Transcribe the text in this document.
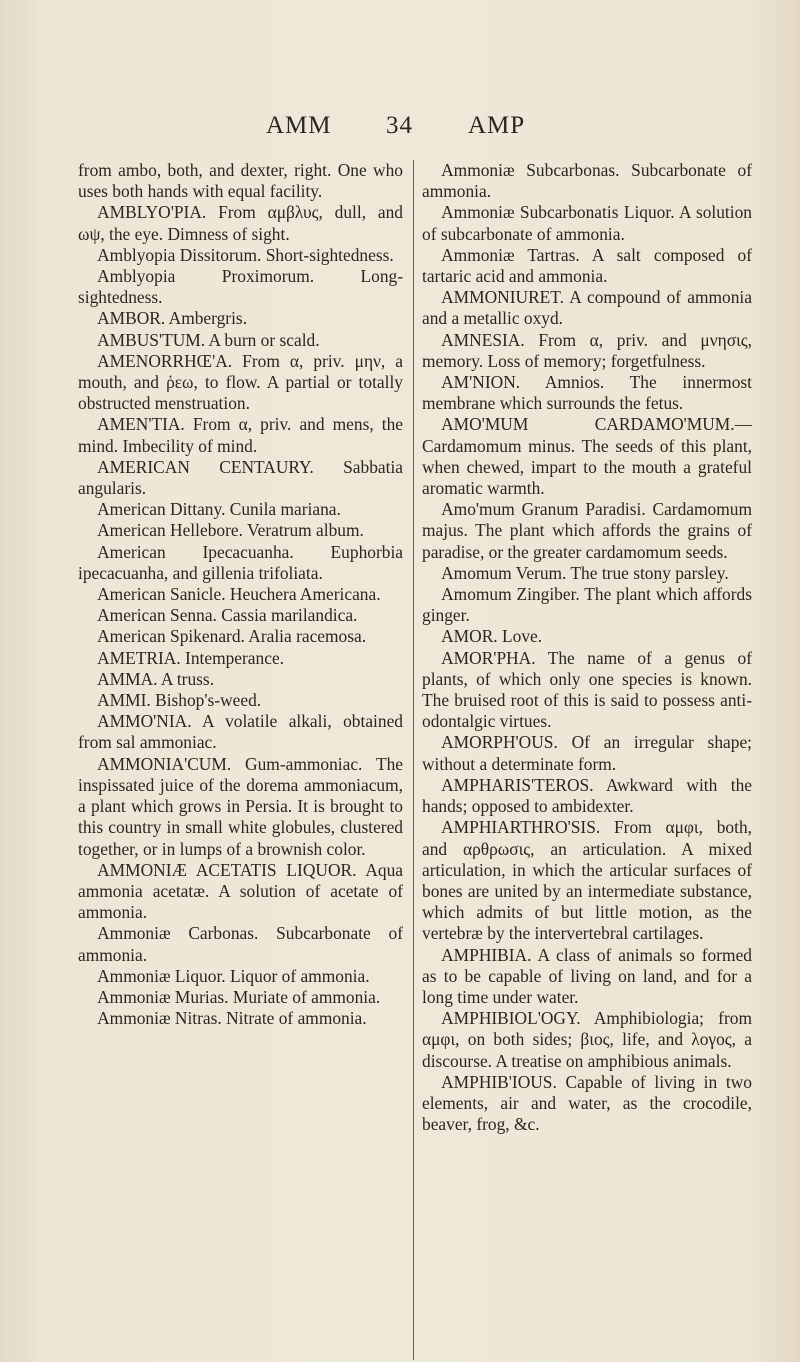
AMM 34 AMP

from ambo, both, and dexter, right. One who uses both hands with equal facility.

AMBLYO'PIA. From αμβλυς, dull, and ωψ, the eye. Dimness of sight.

Amblyopia Dissitorum. Short-sightedness.

Amblyopia Proximorum. Long-sightedness.

AMBOR. Ambergris.

AMBUS'TUM. A burn or scald.

AMENORRHŒ'A. From α, priv. μην, a mouth, and ῥεω, to flow. A partial or totally obstructed menstruation.

AMEN'TIA. From α, priv. and mens, the mind. Imbecility of mind.

AMERICAN CENTAURY. Sabbatia angularis.

American Dittany. Cunila mariana.

American Hellebore. Veratrum album.

American Ipecacuanha. Euphorbia ipecacuanha, and gillenia trifoliata.

American Sanicle. Heuchera Americana.

American Senna. Cassia marilandica.

American Spikenard. Aralia racemosa.

AMETRIA. Intemperance.

AMMA. A truss.

AMMI. Bishop's-weed.

AMMO'NIA. A volatile alkali, obtained from sal ammoniac.

AMMONIA'CUM. Gum-ammoniac. The inspissated juice of the dorema ammoniacum, a plant which grows in Persia. It is brought to this country in small white globules, clustered together, or in lumps of a brownish color.

AMMONIÆ ACETATIS LIQUOR. Aqua ammonia acetatæ. A solution of acetate of ammonia.

Ammoniæ Carbonas. Subcarbonate of ammonia.

Ammoniæ Liquor. Liquor of ammonia.

Ammoniæ Murias. Muriate of ammonia.

Ammoniæ Nitras. Nitrate of ammonia.

Ammoniæ Subcarbonas. Subcarbonate of ammonia.

Ammoniæ Subcarbonatis Liquor. A solution of subcarbonate of ammonia.

Ammoniæ Tartras. A salt composed of tartaric acid and ammonia.

AMMONIURET. A compound of ammonia and a metallic oxyd.

AMNESIA. From α, priv. and μνησις, memory. Loss of memory; forgetfulness.

AM'NION. Amnios. The innermost membrane which surrounds the fetus.

AMO'MUM CARDAMO'MUM.— Cardamomum minus. The seeds of this plant, when chewed, impart to the mouth a grateful aromatic warmth.

Amo'mum Granum Paradisi. Cardamomum majus. The plant which affords the grains of paradise, or the greater cardamomum seeds.

Amomum Verum. The true stony parsley.

Amomum Zingiber. The plant which affords ginger.

AMOR. Love.

AMOR'PHA. The name of a genus of plants, of which only one species is known. The bruised root of this is said to possess anti-odontalgic virtues.

AMORPH'OUS. Of an irregular shape; without a determinate form.

AMPHARIS'TEROS. Awkward with the hands; opposed to ambidexter.

AMPHIARTHRO'SIS. From αμφι, both, and αρθρωσις, an articulation. A mixed articulation, in which the articular surfaces of bones are united by an intermediate substance, which admits of but little motion, as the vertebræ by the intervertebral cartilages.

AMPHIBIA. A class of animals so formed as to be capable of living on land, and for a long time under water.

AMPHIBIOL'OGY. Amphibiologia; from αμφι, on both sides; βιος, life, and λογος, a discourse. A treatise on amphibious animals.

AMPHIB'IOUS. Capable of living in two elements, air and water, as the crocodile, beaver, frog, &c.
